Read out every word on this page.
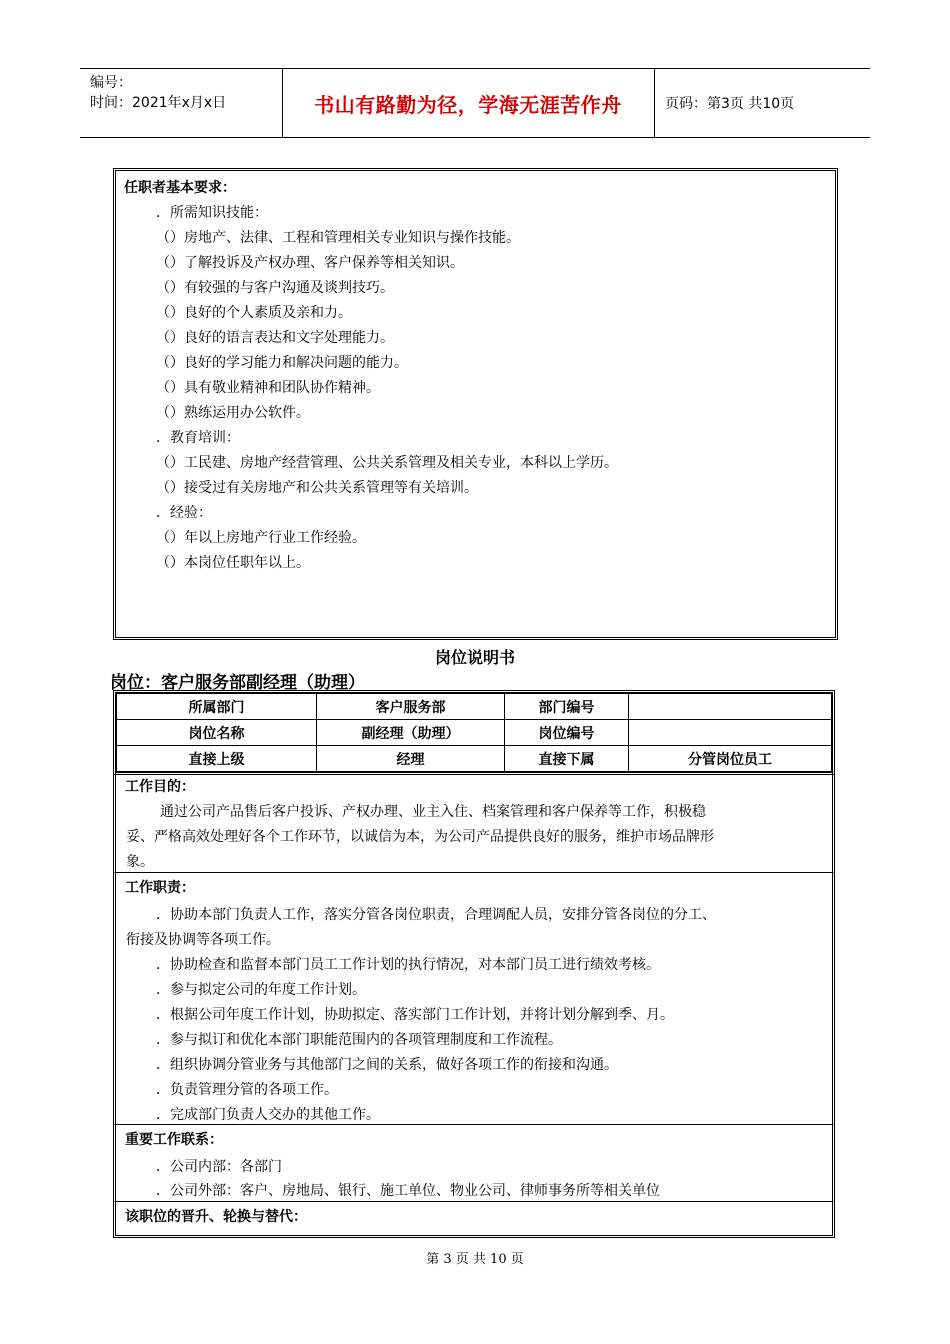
编号：
时间：2021年x月x日	书山有路勤为径，学海无涯苦作舟	页码：第3页 共10页
任职者基本要求：
．所需知识技能：
（）房地产、法律、工程和管理相关专业知识与操作技能。
（）了解投诉及产权办理、客户保养等相关知识。
（）有较强的与客户沟通及谈判技巧。
（）良好的个人素质及亲和力。
（）良好的语言表达和文字处理能力。
（）良好的学习能力和解决问题的能力。
（）具有敬业精神和团队协作精神。
（）熟练运用办公软件。
．教育培训：
（）工民建、房地产经营管理、公共关系管理及相关专业，本科以上学历。
（）接受过有关房地产和公共关系管理等有关培训。
．经验：
（）年以上房地产行业工作经验。
（）本岗位任职年以上。
岗位说明书
岗位：客户服务部副经理（助理）
所属部门	客户服务部	部门编号	
岗位名称	副经理（助理）	岗位编号	
直接上级	经理	直接下属	分管岗位员工
工作目的：
通过公司产品售后客户投诉、产权办理、业主入住、档案管理和客户保养等工作，积极稳
妥、严格高效处理好各个工作环节，以诚信为本，为公司产品提供良好的服务，维护市场品牌形
象。
工作职责：
．协助本部门负责人工作，落实分管各岗位职责，合理调配人员，安排分管各岗位的分工、
衔接及协调等各项工作。
．协助检查和监督本部门员工工作计划的执行情况，对本部门员工进行绩效考核。
．参与拟定公司的年度工作计划。
．根据公司年度工作计划，协助拟定、落实部门工作计划，并将计划分解到季、月。
．参与拟订和优化本部门职能范围内的各项管理制度和工作流程。
．组织协调分管业务与其他部门之间的关系，做好各项工作的衔接和沟通。
．负责管理分管的各项工作。
．完成部门负责人交办的其他工作。
重要工作联系：
．公司内部：各部门
．公司外部：客户、房地局、银行、施工单位、物业公司、律师事务所等相关单位
该职位的晋升、轮换与替代：
第 3 页 共 10 页
